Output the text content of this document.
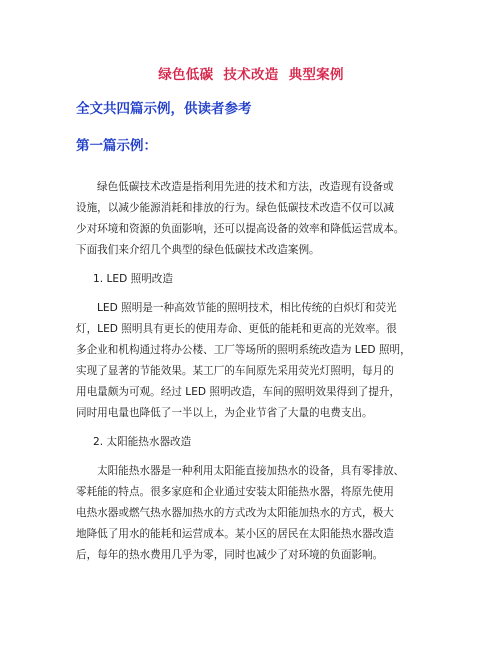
绿色低碳  技术改造  典型案例
全文共四篇示例，供读者参考
第一篇示例：
绿色低碳技术改造是指利用先进的技术和方法，改造现有设备或
设施，以减少能源消耗和排放的行为。绿色低碳技术改造不仅可以减
少对环境和资源的负面影响，还可以提高设备的效率和降低运营成本。
下面我们来介绍几个典型的绿色低碳技术改造案例。
1. LED 照明改造
LED 照明是一种高效节能的照明技术，相比传统的白炽灯和荧光
灯，LED 照明具有更长的使用寿命、更低的能耗和更高的光效率。很
多企业和机构通过将办公楼、工厂等场所的照明系统改造为 LED 照明，
实现了显著的节能效果。某工厂的车间原先采用荧光灯照明，每月的
用电量颇为可观。经过 LED 照明改造，车间的照明效果得到了提升，
同时用电量也降低了一半以上，为企业节省了大量的电费支出。
2. 太阳能热水器改造
太阳能热水器是一种利用太阳能直接加热水的设备，具有零排放、
零耗能的特点。很多家庭和企业通过安装太阳能热水器，将原先使用
电热水器或燃气热水器加热水的方式改为太阳能加热水的方式，极大
地降低了用水的能耗和运营成本。某小区的居民在太阳能热水器改造
后，每年的热水费用几乎为零，同时也减少了对环境的负面影响。
